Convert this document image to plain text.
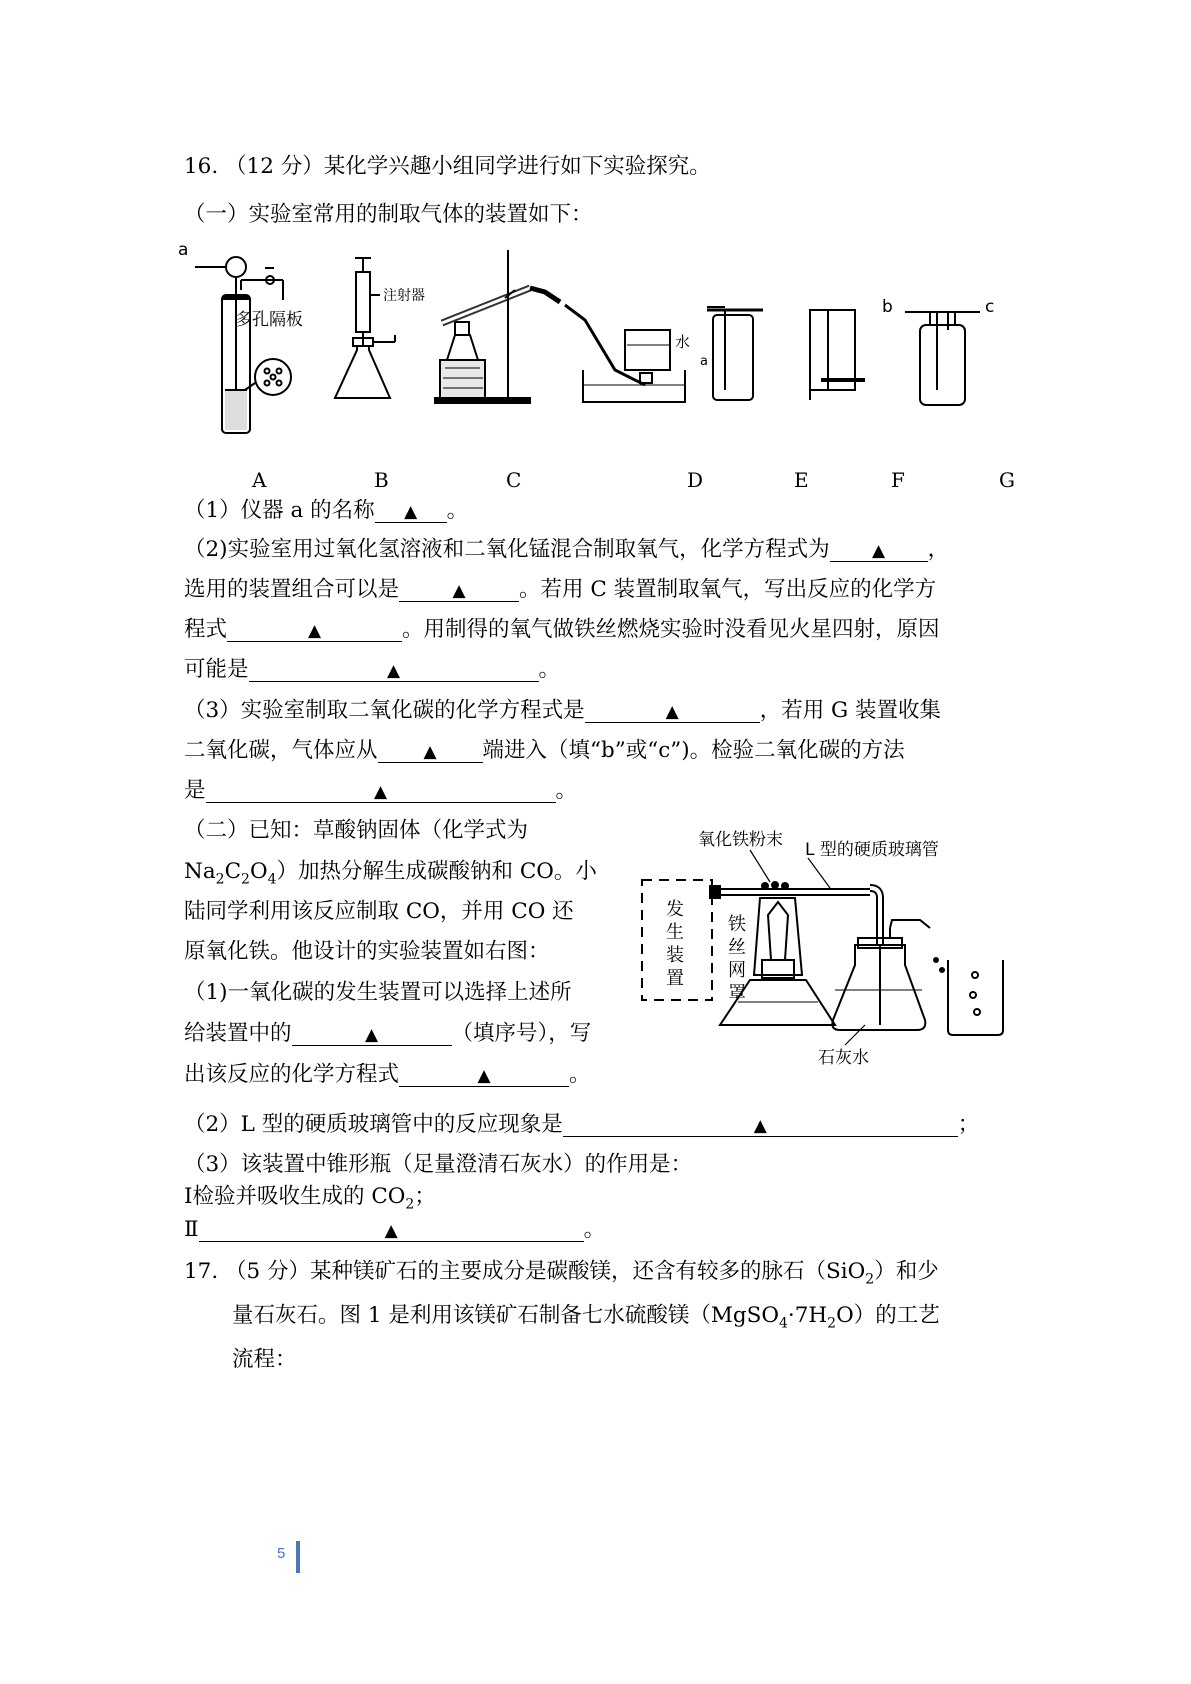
16. （12 分）某化学兴趣小组同学进行如下实验探究。
（一）实验室常用的制取气体的装置如下：
a
多孔隔板
注射器
水
a
b	c
A	B	C	D	E	F	G
（1）仪器 a 的名称 ▲ 。
（2)实验室用过氧化氢溶液和二氧化锰混合制取氧气，化学方程式为 ▲ ，
选用的装置组合可以是	▲ 。若用 C 装置制取氧气，写出反应的化学方
程式	▲	。用制得的氧气做铁丝燃烧实验时没看见火星四射，原因
可能是	▲	。
（3）实验室制取二氧化碳的化学方程式是	▲	，若用 G 装置收集
二氧化碳，气体应从	▲ 端进入（填“b”或“c”)。检验二氧化碳的方法
是	▲	。
（二）已知：草酸钠固体（化学式为
$Na_2C_2O_4$）加热分解生成碳酸钠和 CO。小
陆同学利用该反应制取 CO，并用 CO 还
原氧化铁。他设计的实验装置如右图：
（1)一氧化碳的发生装置可以选择上述所
给装置中的	▲	（填序号），写
出该反应的化学方程式	▲	。
氧化铁粉末 L 型的硬质玻璃管
发
生
装
置
铁
丝
网
罩
石灰水
（2）L 型的硬质玻璃管中的反应现象是	▲	；
（3）该装置中锥形瓶（足量澄清石灰水）的作用是：
Ⅰ检验并吸收生成的 $CO_2$；
Ⅱ	▲	。
17. （5 分）某种镁矿石的主要成分是碳酸镁，还含有较多的脉石（SiO$_2$）和少
量石灰石。图 1 是利用该镁矿石制备七水硫酸镁$(MgSO_4\cdot 7H_2O)$的工艺
流程：
5
